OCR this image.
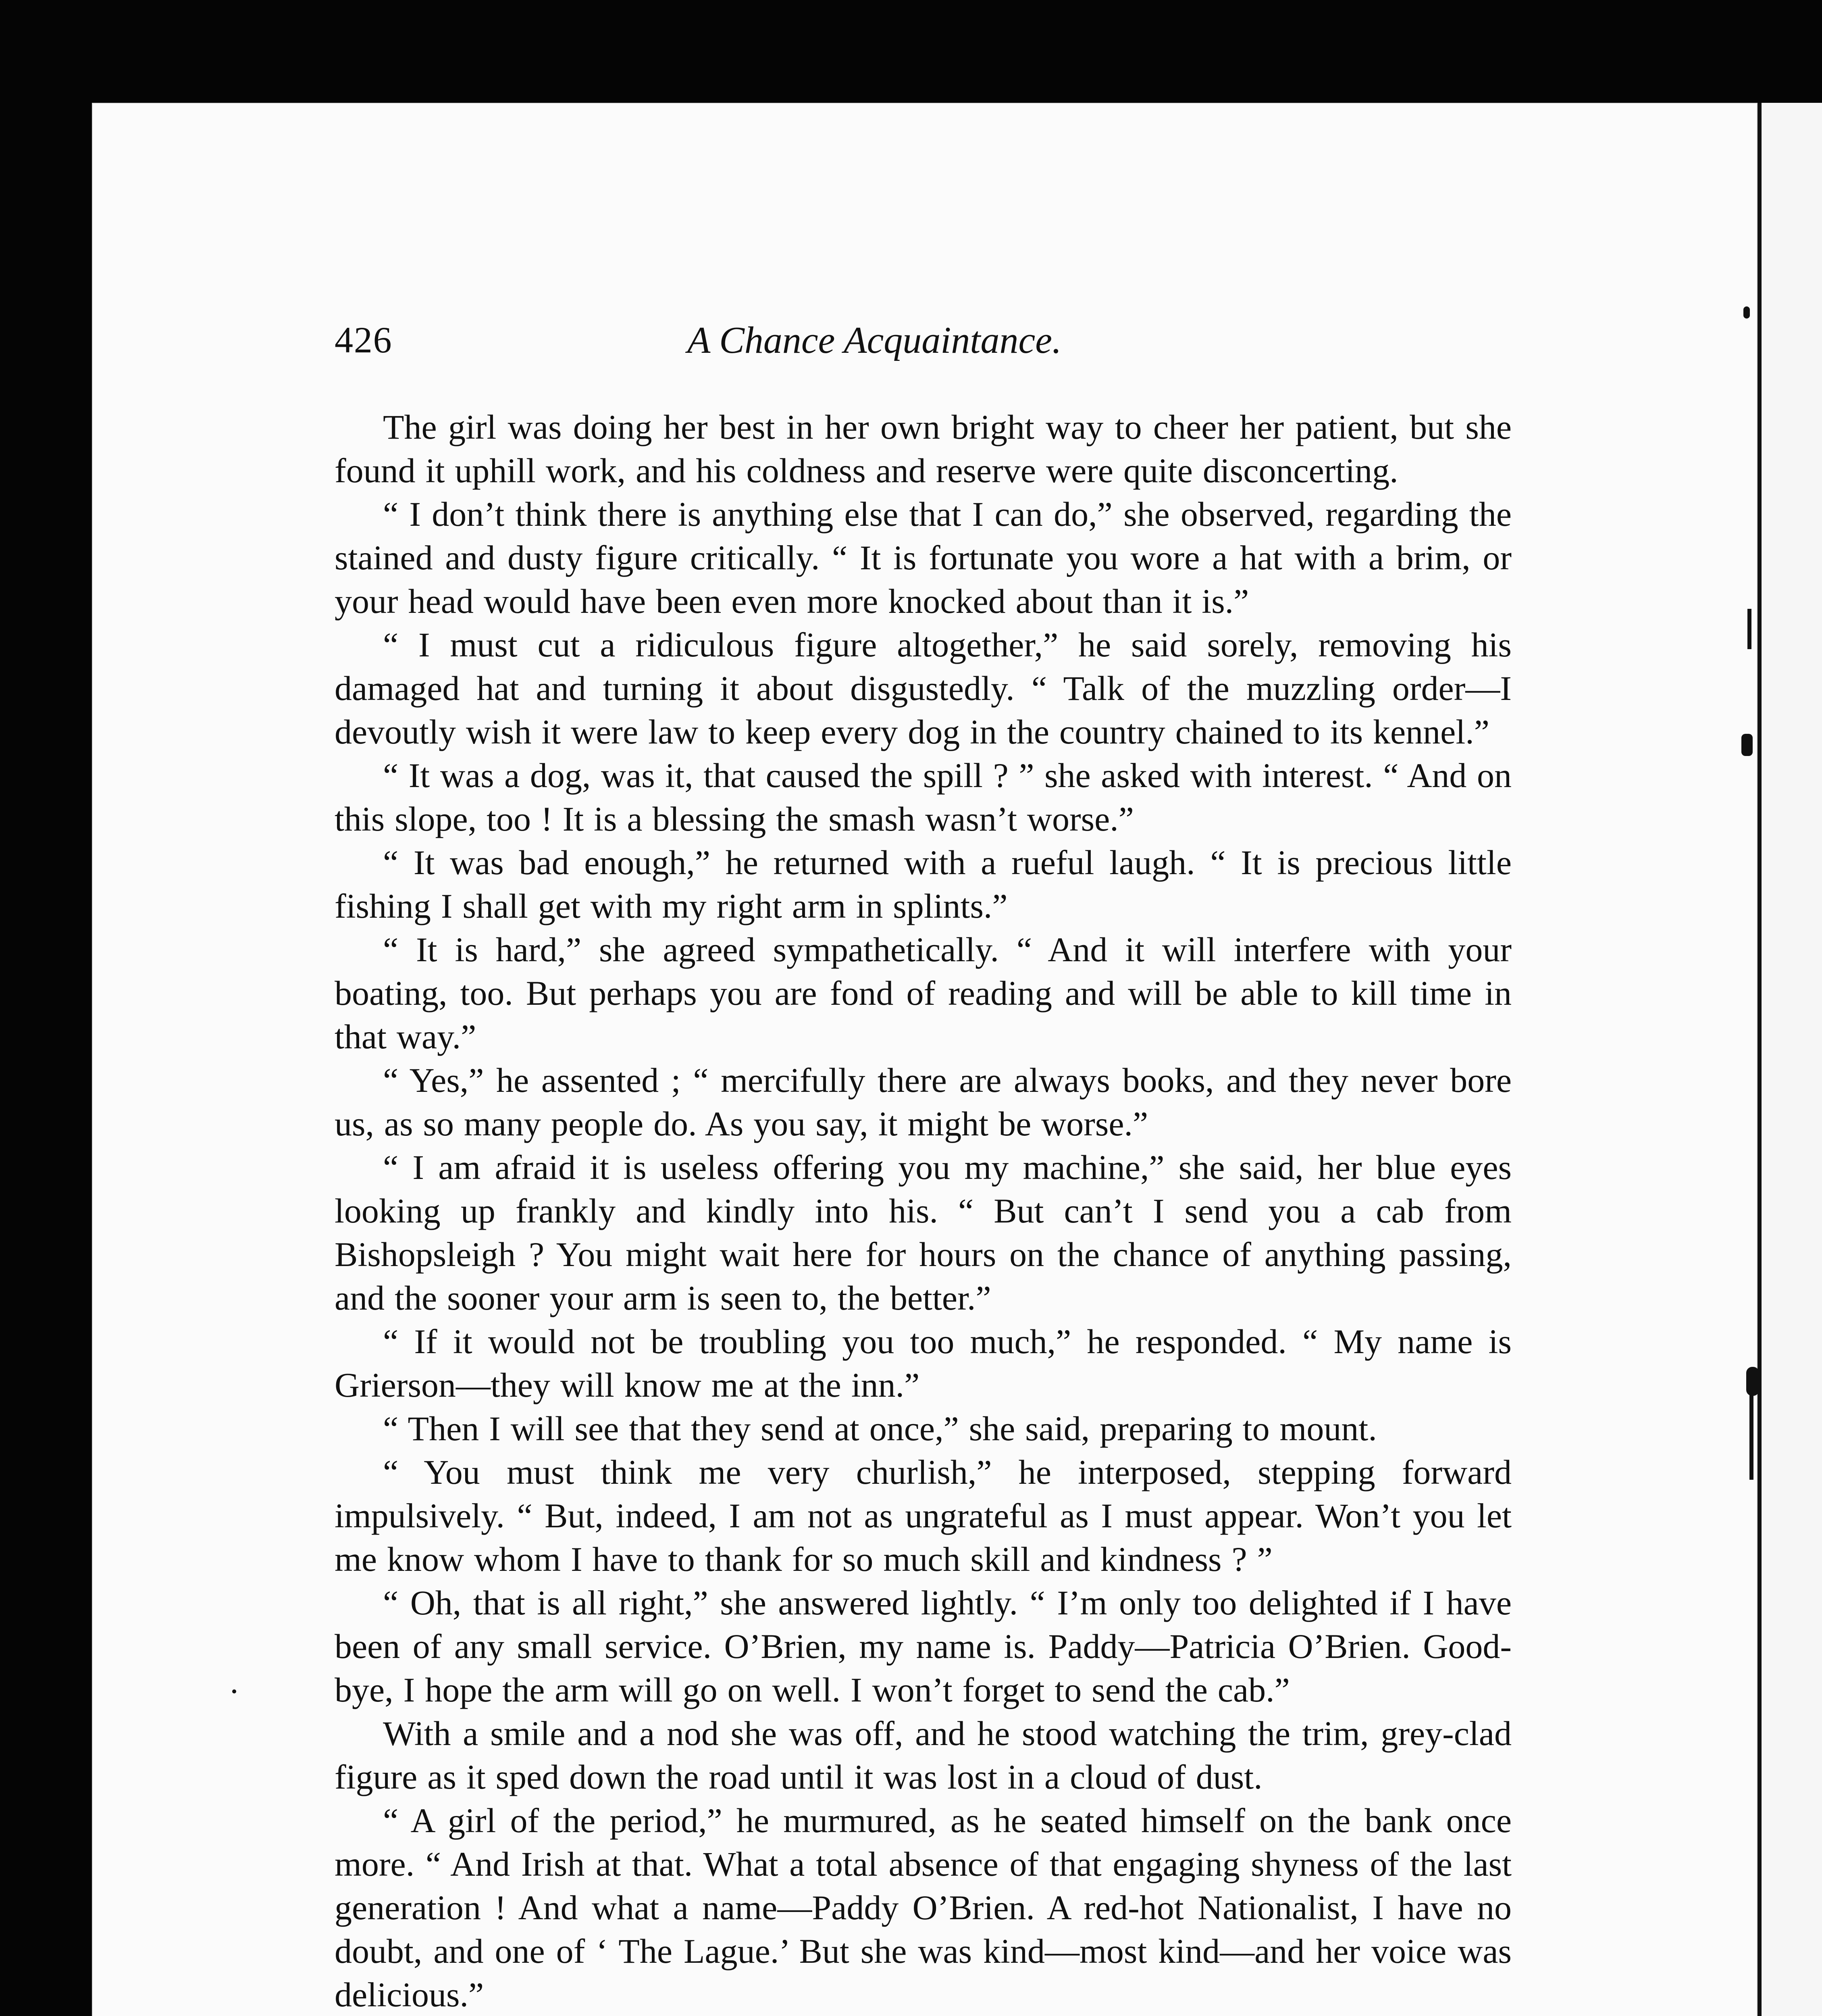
426	A Chance Acquaintance.

The girl was doing her best in her own bright way to cheer her patient, but she found it uphill work, and his coldness and reserve were quite disconcerting.

“ I don’t think there is anything else that I can do,” she observed, regarding the stained and dusty figure critically. “ It is fortunate you wore a hat with a brim, or your head would have been even more knocked about than it is.”

“ I must cut a ridiculous figure altogether,” he said sorely, removing his damaged hat and turning it about disgustedly. “ Talk of the muzzling order—I devoutly wish it were law to keep every dog in the country chained to its kennel.”

“ It was a dog, was it, that caused the spill ? ” she asked with interest. “ And on this slope, too ! It is a blessing the smash wasn’t worse.”

“ It was bad enough,” he returned with a rueful laugh. “ It is precious little fishing I shall get with my right arm in splints.”

“ It is hard,” she agreed sympathetically. “ And it will interfere with your boating, too. But perhaps you are fond of reading and will be able to kill time in that way.”

“ Yes,” he assented ; “ mercifully there are always books, and they never bore us, as so many people do. As you say, it might be worse.”

“ I am afraid it is useless offering you my machine,” she said, her blue eyes looking up frankly and kindly into his. “ But can’t I send you a cab from Bishopsleigh ? You might wait here for hours on the chance of anything passing, and the sooner your arm is seen to, the better.”

“ If it would not be troubling you too much,” he responded. “ My name is Grierson—they will know me at the inn.”

“ Then I will see that they send at once,” she said, preparing to mount.

“ You must think me very churlish,” he interposed, stepping forward impulsively. “ But, indeed, I am not as ungrateful as I must appear. Won’t you let me know whom I have to thank for so much skill and kindness ? ”

“ Oh, that is all right,” she answered lightly. “ I’m only too delighted if I have been of any small service. O’Brien, my name is. Paddy—Patricia O’Brien. Good-bye, I hope the arm will go on well. I won’t forget to send the cab.”

With a smile and a nod she was off, and he stood watching the trim, grey-clad figure as it sped down the road until it was lost in a cloud of dust.

“ A girl of the period,” he murmured, as he seated himself on the bank once more. “ And Irish at that. What a total absence of that engaging shyness of the last generation ! And what a name—Paddy O’Brien. A red-hot Nationalist, I have no doubt, and one of ‘ The Lague.’ But she was kind—most kind—and her voice was delicious.”
